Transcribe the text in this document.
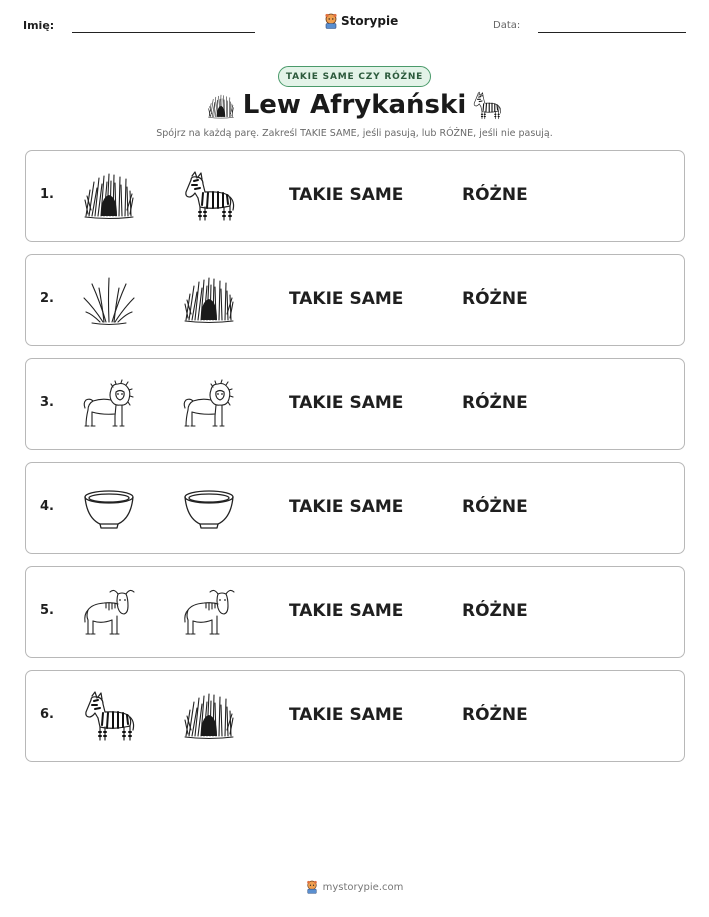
Imię:	Storypie	Data:
TAKIE SAME CZY RÓŻNE
Lew Afrykański
Spójrz na każdą parę. Zakreśl TAKIE SAME, jeśli pasują, lub RÓŻNE, jeśli nie pasują.
1.	TAKIE SAME	RÓŻNE
2.	TAKIE SAME	RÓŻNE
3.	TAKIE SAME	RÓŻNE
4.	TAKIE SAME	RÓŻNE
5.	TAKIE SAME	RÓŻNE
6.	TAKIE SAME	RÓŻNE
mystorypie.com
